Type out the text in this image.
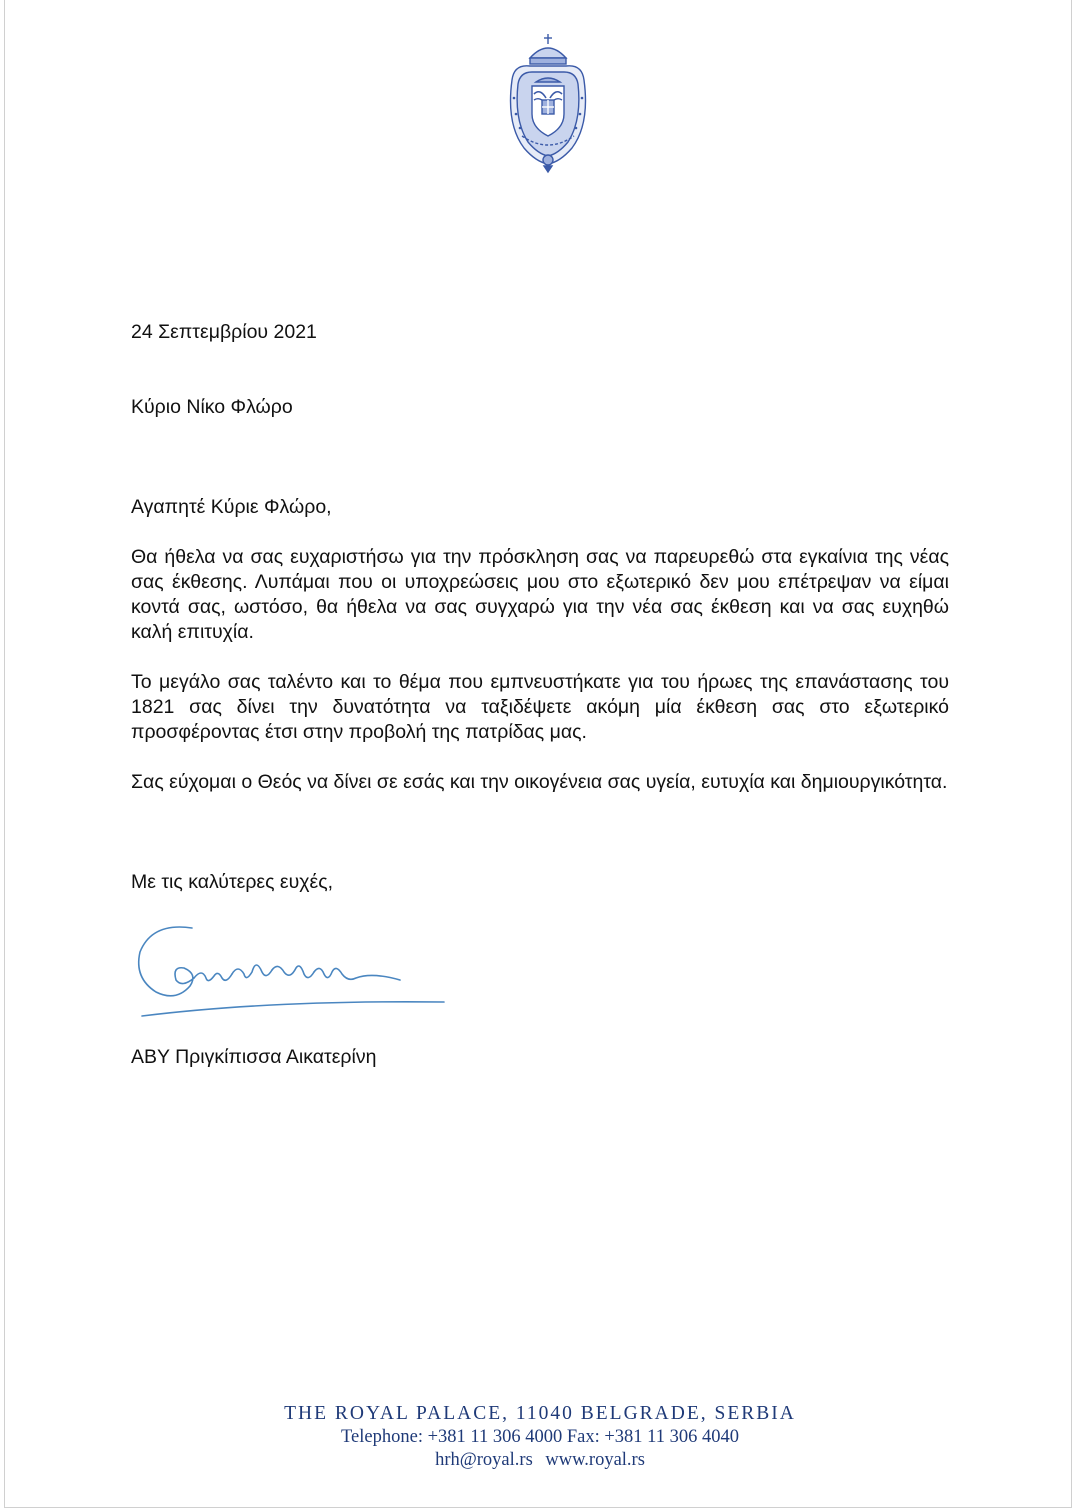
24 Σεπτεμβρίου 2021
Κύριο Νίκο Φλώρο
Αγαπητέ Κύριε Φλώρο,
Θα ήθελα να σας ευχαριστήσω για την πρόσκληση σας να παρευρεθώ στα εγκαίνια της νέας σας έκθεσης. Λυπάμαι που οι υποχρεώσεις μου στο εξωτερικό δεν μου επέτρεψαν να είμαι κοντά σας, ωστόσο, θα ήθελα να σας συγχαρώ για την νέα σας έκθεση και να σας ευχηθώ καλή επιτυχία.
Το μεγάλο σας ταλέντο και το θέμα που εμπνευστήκατε για του ήρωες της επανάστασης του 1821 σας δίνει την δυνατότητα να ταξιδέψετε ακόμη μία έκθεση σας στο εξωτερικό προσφέροντας έτσι στην προβολή της πατρίδας μας.
Σας εύχομαι ο Θεός να δίνει σε εσάς και την οικογένεια σας υγεία, ευτυχία και δημιουργικότητα.
Με τις καλύτερες ευχές,
ΑΒΥ Πριγκίπισσα Αικατερίνη
THE ROYAL PALACE, 11040 BELGRADE, SERBIA
Telephone: +381 11 306 4000 Fax: +381 11 306 4040
hrh@royal.rs www.royal.rs
